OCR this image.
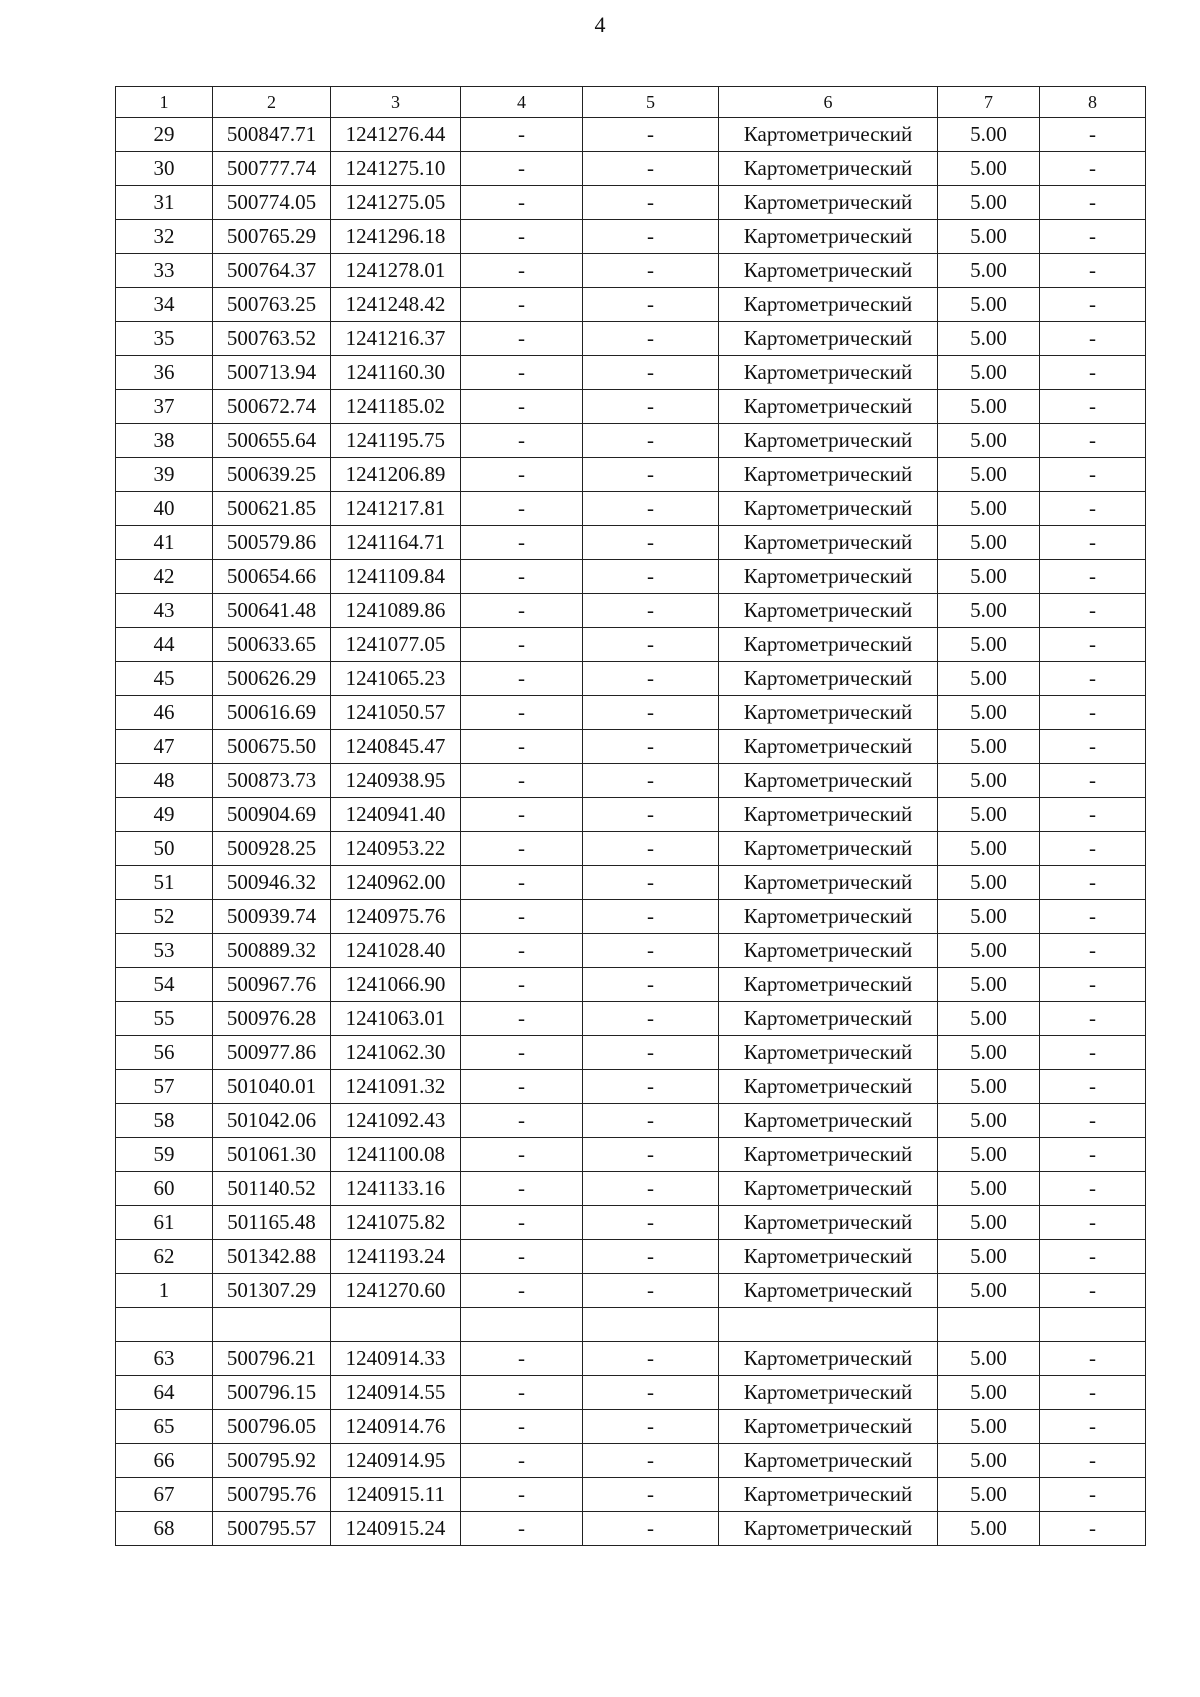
4
1	2	3	4	5	6	7	8
29	500847.71	1241276.44	-	-	Картометрический	5.00	-
30	500777.74	1241275.10	-	-	Картометрический	5.00	-
31	500774.05	1241275.05	-	-	Картометрический	5.00	-
32	500765.29	1241296.18	-	-	Картометрический	5.00	-
33	500764.37	1241278.01	-	-	Картометрический	5.00	-
34	500763.25	1241248.42	-	-	Картометрический	5.00	-
35	500763.52	1241216.37	-	-	Картометрический	5.00	-
36	500713.94	1241160.30	-	-	Картометрический	5.00	-
37	500672.74	1241185.02	-	-	Картометрический	5.00	-
38	500655.64	1241195.75	-	-	Картометрический	5.00	-
39	500639.25	1241206.89	-	-	Картометрический	5.00	-
40	500621.85	1241217.81	-	-	Картометрический	5.00	-
41	500579.86	1241164.71	-	-	Картометрический	5.00	-
42	500654.66	1241109.84	-	-	Картометрический	5.00	-
43	500641.48	1241089.86	-	-	Картометрический	5.00	-
44	500633.65	1241077.05	-	-	Картометрический	5.00	-
45	500626.29	1241065.23	-	-	Картометрический	5.00	-
46	500616.69	1241050.57	-	-	Картометрический	5.00	-
47	500675.50	1240845.47	-	-	Картометрический	5.00	-
48	500873.73	1240938.95	-	-	Картометрический	5.00	-
49	500904.69	1240941.40	-	-	Картометрический	5.00	-
50	500928.25	1240953.22	-	-	Картометрический	5.00	-
51	500946.32	1240962.00	-	-	Картометрический	5.00	-
52	500939.74	1240975.76	-	-	Картометрический	5.00	-
53	500889.32	1241028.40	-	-	Картометрический	5.00	-
54	500967.76	1241066.90	-	-	Картометрический	5.00	-
55	500976.28	1241063.01	-	-	Картометрический	5.00	-
56	500977.86	1241062.30	-	-	Картометрический	5.00	-
57	501040.01	1241091.32	-	-	Картометрический	5.00	-
58	501042.06	1241092.43	-	-	Картометрический	5.00	-
59	501061.30	1241100.08	-	-	Картометрический	5.00	-
60	501140.52	1241133.16	-	-	Картометрический	5.00	-
61	501165.48	1241075.82	-	-	Картометрический	5.00	-
62	501342.88	1241193.24	-	-	Картометрический	5.00	-
1	501307.29	1241270.60	-	-	Картометрический	5.00	-

63	500796.21	1240914.33	-	-	Картометрический	5.00	-
64	500796.15	1240914.55	-	-	Картометрический	5.00	-
65	500796.05	1240914.76	-	-	Картометрический	5.00	-
66	500795.92	1240914.95	-	-	Картометрический	5.00	-
67	500795.76	1240915.11	-	-	Картометрический	5.00	-
68	500795.57	1240915.24	-	-	Картометрический	5.00	-
